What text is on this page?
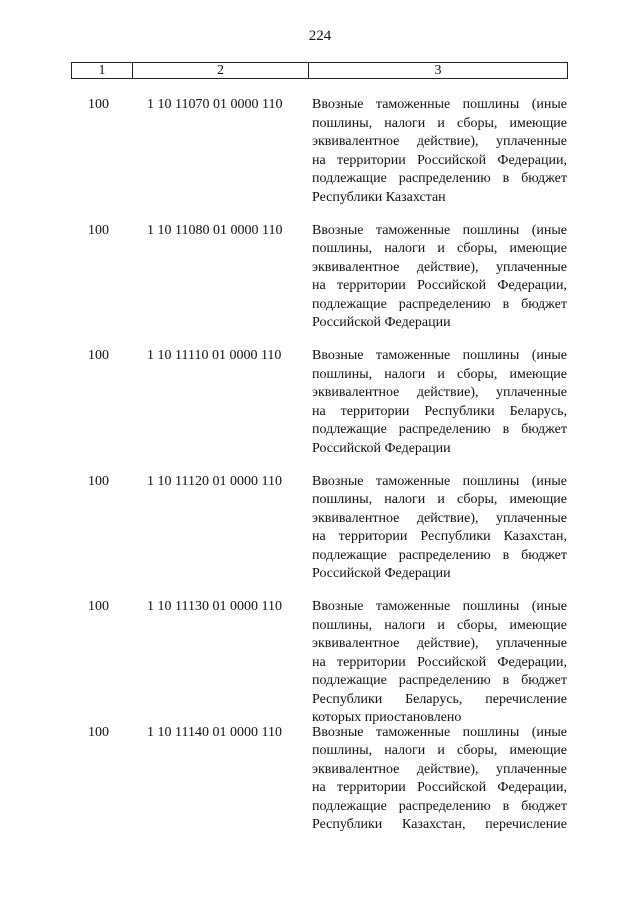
224
1	2	3
100	1 10 11070 01 0000 110 Ввозные таможенные пошлины (иные
пошлины, налоги и сборы, имеющие
эквивалентное действие), уплаченные
на территории Российской Федерации,
подлежащие распределению в бюджет
Республики Казахстан
100	1 10 11080 01 0000 110 Ввозные таможенные пошлины (иные
пошлины, налоги и сборы, имеющие
эквивалентное действие), уплаченные
на территории Российской Федерации,
подлежащие распределению в бюджет
Российской Федерации
100	1 10 11110 01 0000 110 Ввозные таможенные пошлины (иные
пошлины, налоги и сборы, имеющие
эквивалентное действие), уплаченные
на территории Республики Беларусь,
подлежащие распределению в бюджет
Российской Федерации
100	1 10 11120 01 0000 110 Ввозные таможенные пошлины (иные
пошлины, налоги и сборы, имеющие
эквивалентное действие), уплаченные
на территории Республики Казахстан,
подлежащие распределению в бюджет
Российской Федерации
100	1 10 11130 01 0000 110 Ввозные таможенные пошлины (иные
пошлины, налоги и сборы, имеющие
эквивалентное действие), уплаченные
на территории Российской Федерации,
подлежащие распределению в бюджет
Республики Беларусь, перечисление
которых приостановлено
100	1 10 11140 01 0000 110 Ввозные таможенные пошлины (иные
пошлины, налоги и сборы, имеющие
эквивалентное действие), уплаченные
на территории Российской Федерации,
подлежащие распределению в бюджет
Республики Казахстан, перечисление
